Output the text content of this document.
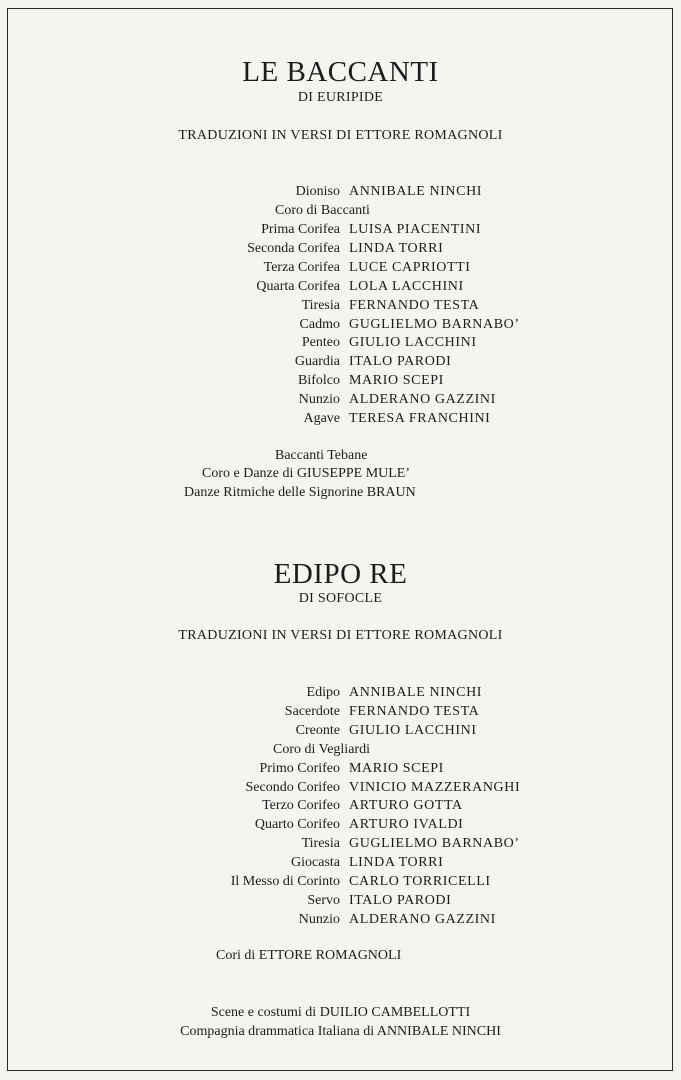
LE BACCANTI
DI EURIPIDE
TRADUZIONI IN VERSI DI ETTORE ROMAGNOLI
Dioniso ANNIBALE NINCHI
Coro di Baccanti
Prima Corifea LUISA PIACENTINI
Seconda Corifea LINDA TORRI
Terza Corifea LUCE CAPRIOTTI
Quarta Corifea LOLA LACCHINI
Tiresia FERNANDO TESTA
Cadmo GUGLIELMO BARNABO’
Penteo GIULIO LACCHINI
Guardia ITALO PARODI
Bifolco MARIO SCEPI
Nunzio ALDERANO GAZZINI
Agave TERESA FRANCHINI
Baccanti Tebane
Coro e Danze di GIUSEPPE MULE’
Danze Ritmiche delle Signorine BRAUN
EDIPO RE
DI SOFOCLE
TRADUZIONI IN VERSI DI ETTORE ROMAGNOLI
Edipo ANNIBALE NINCHI
Sacerdote FERNANDO TESTA
Creonte GIULIO LACCHINI
Coro di Vegliardi
Primo Corifeo MARIO SCEPI
Secondo Corifeo VINICIO MAZZERANGHI
Terzo Corifeo ARTURO GOTTA
Quarto Corifeo ARTURO IVALDI
Tiresia GUGLIELMO BARNABO’
Giocasta LINDA TORRI
Il Messo di Corinto CARLO TORRICELLI
Servo ITALO PARODI
Nunzio ALDERANO GAZZINI
Cori di ETTORE ROMAGNOLI
Scene e costumi di DUILIO CAMBELLOTTI
Compagnia drammatica Italiana di ANNIBALE NINCHI
